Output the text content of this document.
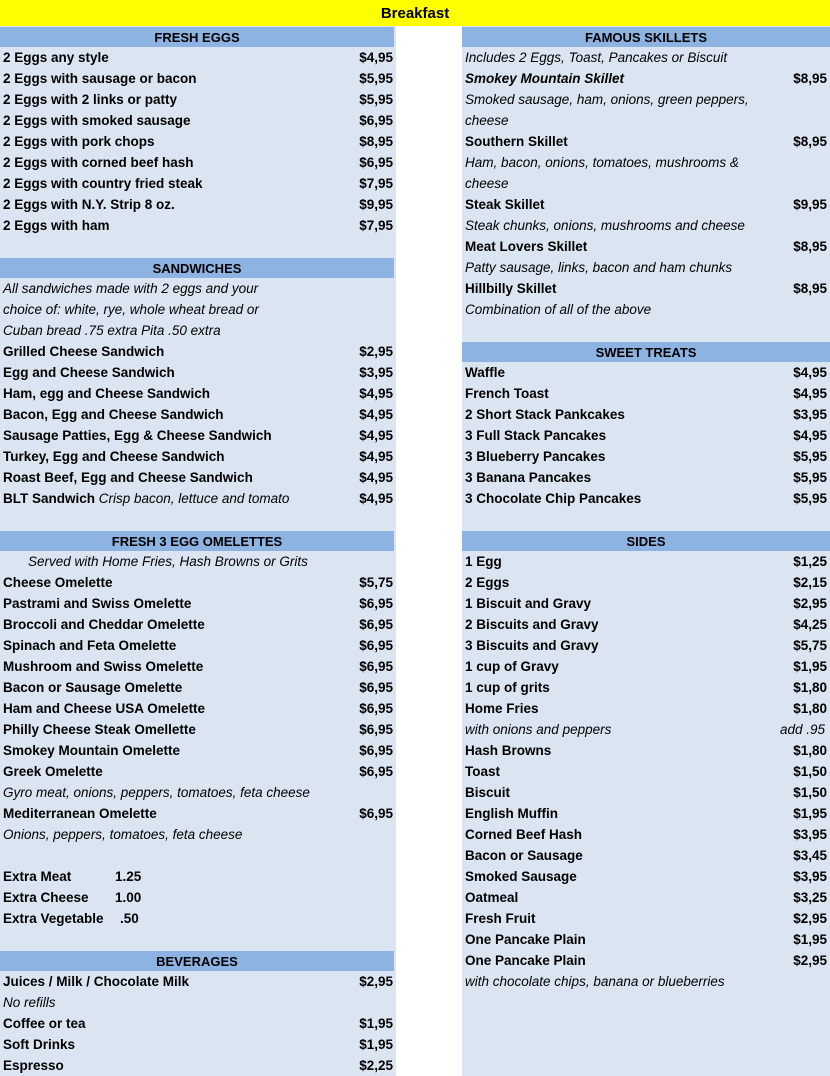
Breakfast
FRESH EGGS
2 Eggs any style	$4,95
2 Eggs with sausage or bacon	$5,95
2 Eggs with 2 links or patty	$5,95
2 Eggs with smoked sausage	$6,95
2 Eggs with pork chops	$8,95
2 Eggs with corned beef hash	$6,95
2 Eggs with country fried steak	$7,95
2 Eggs with N.Y. Strip 8 oz.	$9,95
2 Eggs with ham	$7,95
SANDWICHES
All sandwiches made with 2 eggs and your
choice of: white, rye, whole wheat bread or
Cuban bread .75 extra Pita .50 extra
Grilled Cheese Sandwich	$2,95
Egg and Cheese Sandwich	$3,95
Ham, egg and Cheese Sandwich	$4,95
Bacon, Egg and Cheese Sandwich	$4,95
Sausage Patties, Egg & Cheese Sandwich	$4,95
Turkey, Egg and Cheese Sandwich	$4,95
Roast Beef, Egg and Cheese Sandwich	$4,95
BLT Sandwich Crisp bacon, lettuce and tomato	$4,95
FRESH 3 EGG OMELETTES
Served with Home Fries, Hash Browns or Grits
Cheese Omelette	$5,75
Pastrami and Swiss Omelette	$6,95
Broccoli and Cheddar Omelette	$6,95
Spinach and Feta Omelette	$6,95
Mushroom and Swiss Omelette	$6,95
Bacon or Sausage Omelette	$6,95
Ham and Cheese USA Omelette	$6,95
Philly Cheese Steak Omellette	$6,95
Smokey Mountain Omelette	$6,95
Greek Omelette	$6,95
Gyro meat, onions, peppers, tomatoes, feta cheese
Mediterranean Omelette	$6,95
Onions, peppers, tomatoes, feta cheese
Extra Meat	1.25
Extra Cheese 1.00
Extra Vegetable .50
BEVERAGES
Juices / Milk / Chocolate Milk	$2,95
No refills
Coffee or tea	$1,95
Soft Drinks	$1,95
Espresso	$2,25
FAMOUS SKILLETS
Includes 2 Eggs, Toast, Pancakes or Biscuit
Smokey Mountain Skillet	$8,95
Smoked sausage, ham, onions, green peppers,
cheese
Southern Skillet	$8,95
Ham, bacon, onions, tomatoes, mushrooms &
cheese
Steak Skillet	$9,95
Steak chunks, onions, mushrooms and cheese
Meat Lovers Skillet	$8,95
Patty sausage, links, bacon and ham chunks
Hillbilly Skillet	$8,95
Combination of all of the above
SWEET TREATS
Waffle	$4,95
French Toast	$4,95
2 Short Stack Pankcakes	$3,95
3 Full Stack Pancakes	$4,95
3 Blueberry Pancakes	$5,95
3 Banana Pancakes	$5,95
3 Chocolate Chip Pancakes	$5,95
SIDES
1 Egg	$1,25
2 Eggs	$2,15
1 Biscuit and Gravy	$2,95
2 Biscuits and Gravy	$4,25
3 Biscuits and Gravy	$5,75
1 cup of Gravy	$1,95
1 cup of grits	$1,80
Home Fries	$1,80
with onions and peppers	add .95
Hash Browns	$1,80
Toast	$1,50
Biscuit	$1,50
English Muffin	$1,95
Corned Beef Hash	$3,95
Bacon or Sausage	$3,45
Smoked Sausage	$3,95
Oatmeal	$3,25
Fresh Fruit	$2,95
One Pancake Plain	$1,95
One Pancake Plain	$2,95
with chocolate chips, banana or blueberries
